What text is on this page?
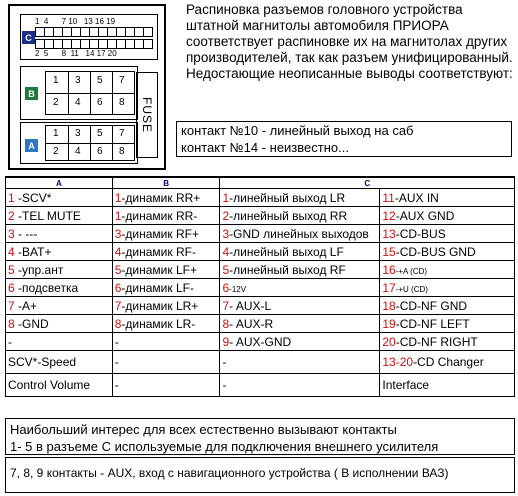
1  4      7 10   13 16 19
C
2  5      8  11   14 17 20
B
1 3 5 7
2 4 6 8
A
1 3 5 7
2 4 6 8
FUSE
Распиновка разъемов головного устройства штатной магнитолы автомобиля ПРИОРА соответствует распиновке их на магнитолах других производителей, так как разъем унифицированный.
Недостающие неописанные выводы соответствуют:
контакт №10 - линейный выход на саб
контакт №14 - неизвестно...
A	B	C	
1 -SCV*	1-динамик RR+	1-линейный выход LR	11-AUX IN
2 -TEL MUTE	1-динамик RR-	2-линейный выход RR	12-AUX GND
3 - ---	3-динамик RF+	3-GND линейных выходов	13-CD-BUS
4 -BAT+	4-динамик RF-	4-линейный выход LF	15-CD-BUS GND
5 -упр.ант	5-динамик LF+	5-линейный выход RF	16-+A (CD)
6 -подсветка	6-динамик LF-	6-12V	17-+U (CD)
7 -A+	7-динамик LR+	7- AUX-L	18-CD-NF GND
8 -GND	8-динамик LR-	8- AUX-R	19-CD-NF LEFT
-	-	9- AUX-GND	20-CD-NF RIGHT
SCV*-Speed	-	-	13-20-CD Changer
Control Volume	-	-	Interface
Наибольший интерес для всех естественно вызывают контакты
1- 5 в разъеме С используемые для подключения внешнего усилителя
7, 8, 9 контакты - AUX, вход с навигационного устройства ( В исполнении ВАЗ)
